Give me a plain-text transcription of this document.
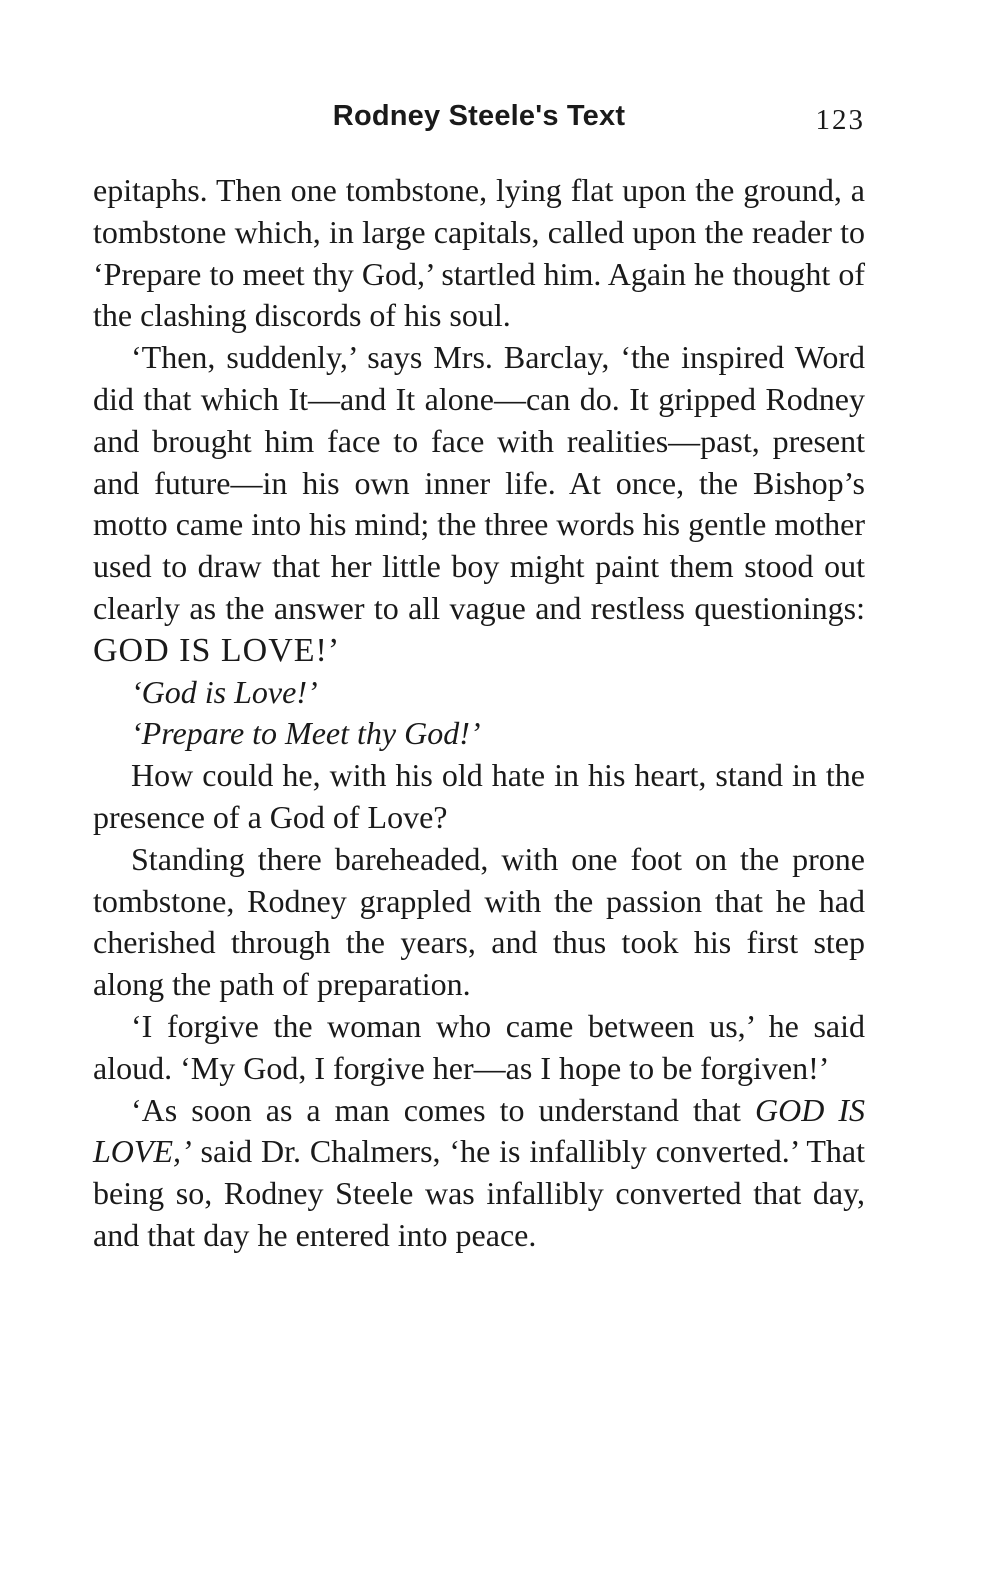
Rodney Steele's Text	123

epitaphs. Then one tombstone, lying flat upon the ground, a tombstone which, in large capitals, called upon the reader to ‘Prepare to meet thy God,’ startled him. Again he thought of the clashing discords of his soul.

‘Then, suddenly,’ says Mrs. Barclay, ‘the inspired Word did that which It—and It alone—can do. It gripped Rodney and brought him face to face with realities—past, present and future—in his own inner life. At once, the Bishop’s motto came into his mind; the three words his gentle mother used to draw that her little boy might paint them stood out clearly as the answer to all vague and restless questionings: GOD IS LOVE!’

‘God is Love!’

‘Prepare to Meet thy God!’

How could he, with his old hate in his heart, stand in the presence of a God of Love?

Standing there bareheaded, with one foot on the prone tombstone, Rodney grappled with the passion that he had cherished through the years, and thus took his first step along the path of preparation.

‘I forgive the woman who came between us,’ he said aloud. ‘My God, I forgive her—as I hope to be forgiven!’

‘As soon as a man comes to understand that GOD IS LOVE,’ said Dr. Chalmers, ‘he is infallibly converted.’ That being so, Rodney Steele was infallibly converted that day, and that day he entered into peace.
